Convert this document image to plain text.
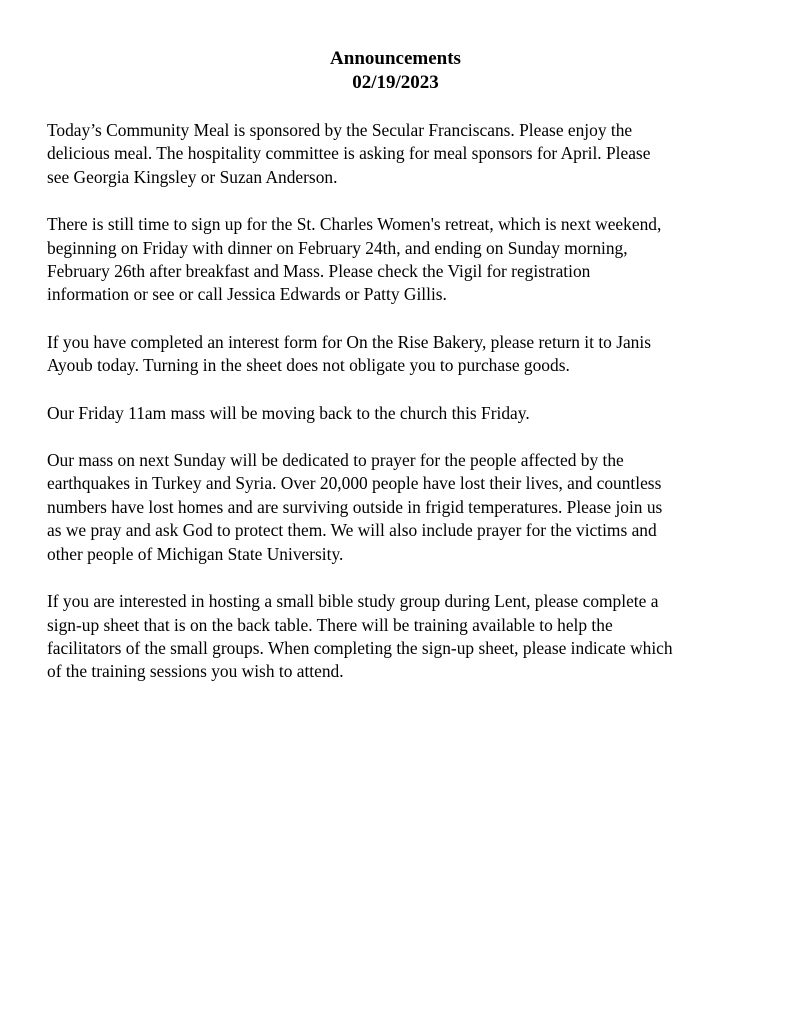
Announcements
02/19/2023

Today’s Community Meal is sponsored by the Secular Franciscans. Please enjoy the
delicious meal. The hospitality committee is asking for meal sponsors for April. Please
see Georgia Kingsley or Suzan Anderson.

There is still time to sign up for the St. Charles Women's retreat, which is next weekend,
beginning on Friday with dinner on February 24th, and ending on Sunday morning,
February 26th after breakfast and Mass. Please check the Vigil for registration
information or see or call Jessica Edwards or Patty Gillis.

If you have completed an interest form for On the Rise Bakery, please return it to Janis
Ayoub today. Turning in the sheet does not obligate you to purchase goods.

Our Friday 11am mass will be moving back to the church this Friday.

Our mass on next Sunday will be dedicated to prayer for the people affected by the
earthquakes in Turkey and Syria. Over 20,000 people have lost their lives, and countless
numbers have lost homes and are surviving outside in frigid temperatures. Please join us
as we pray and ask God to protect them. We will also include prayer for the victims and
other people of Michigan State University.

If you are interested in hosting a small bible study group during Lent, please complete a
sign-up sheet that is on the back table. There will be training available to help the
facilitators of the small groups. When completing the sign-up sheet, please indicate which
of the training sessions you wish to attend.
